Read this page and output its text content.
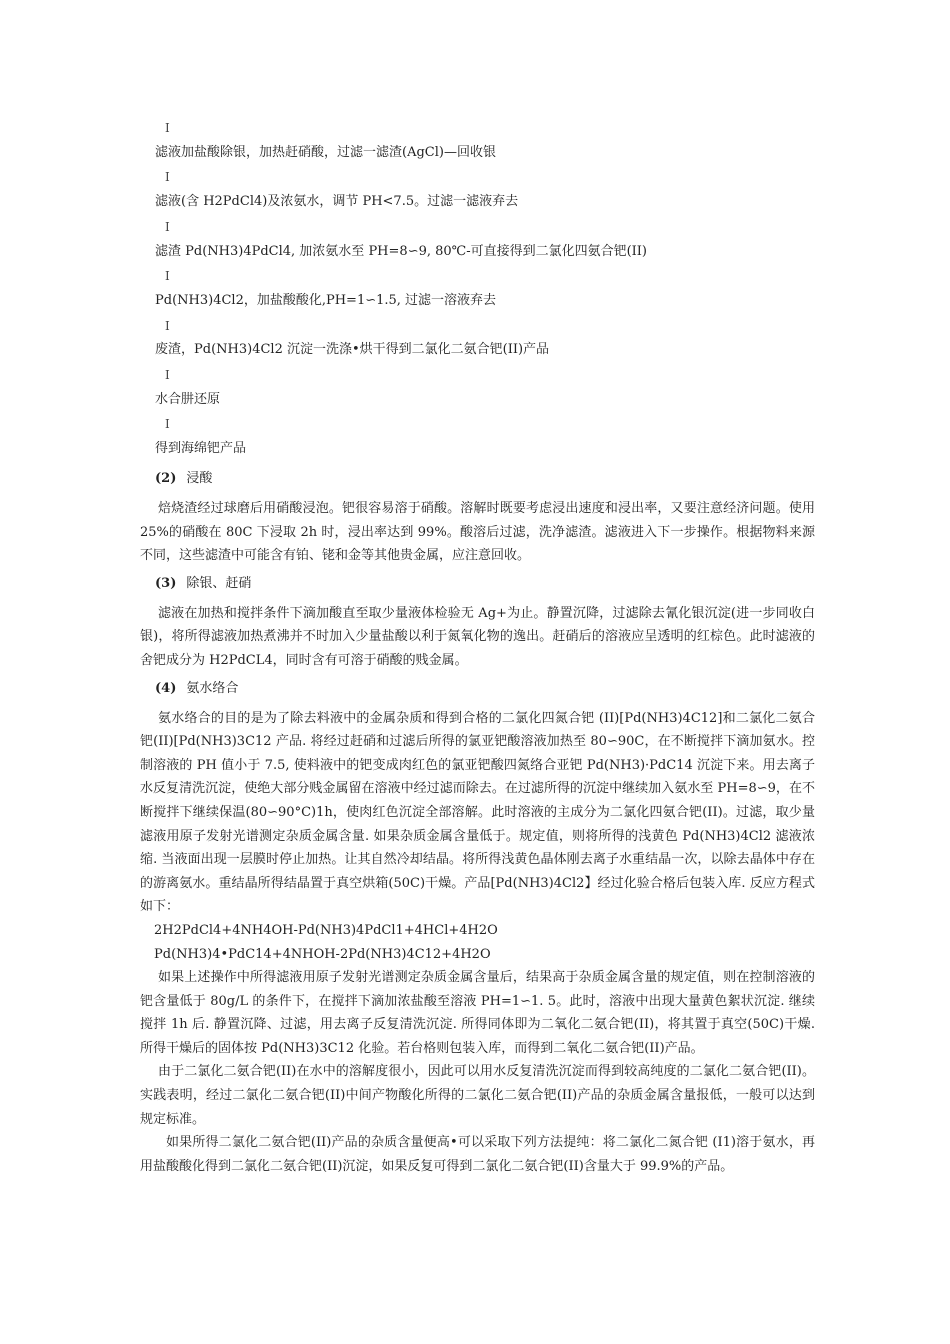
I
滤液加盐酸除银，加热赶硝酸，过滤一滤渣(AgCl)—回收银
I
滤液(含 H2PdCl4)及浓氨水，调节 PH<7.5。过滤一滤液弃去
I
滤渣 Pd(NH3)4PdCl4, 加浓氨水至 PH=8∽9, 80℃-可直接得到二氯化四氨合钯(II)
I
Pd(NH3)4Cl2，加盐酸酸化,PH=1∽1.5, 过滤一溶液弃去
I
废渣，Pd(NH3)4Cl2 沉淀一洗涤•烘干得到二氯化二氨合钯(II)产品
I
水合肼还原
I
得到海绵钯产品
(2) 浸酸

焙烧渣经过球磨后用硝酸浸泡。钯很容易溶于硝酸。溶解时既要考虑浸出速度和浸出率，又要注意经济问题。使用 25%的硝酸在 80C 下浸取 2h 时，浸出率达到 99%。酸溶后过滤，洗净滤渣。滤液进入下一步操作。根据物料来源不同，这些滤渣中可能含有铂、铑和金等其他贵金属，应注意回收。

(3) 除银、赶硝

滤液在加热和搅拌条件下滴加酸直至取少量液体检验无 Ag+为止。静置沉降，过滤除去氰化银沉淀(进一步同收白银)，将所得滤液加热煮沸并不时加入少量盐酸以利于氮氧化物的逸出。赶硝后的溶液应呈透明的红棕色。此时滤液的舍钯成分为 H2PdCL4，同时含有可溶于硝酸的贱金属。

(4) 氨水络合

氨水络合的目的是为了除去料液中的金属杂质和得到合格的二氯化四氮合钯 (II)[Pd(NH3)4C12]和二氯化二氨合钯(II)[Pd(NH3)3C12 产品. 将经过赶硝和过滤后所得的氯亚钯酸溶液加热至 80∽90C，在不断搅拌下滴加氨水。控制溶液的 PH 值小于 7.5, 使料液中的钯变成肉红色的氯亚钯酸四氮络合亚钯 Pd(NH3)·PdC14 沉淀下来。用去离子水反复清洗沉淀，使绝大部分贱金属留在溶液中经过滤而除去。在过滤所得的沉淀中继续加入氨水至 PH=8∽9，在不断搅拌下继续保温(80∽90°C)1h，使肉红色沉淀全部溶解。此时溶液的主成分为二氯化四氨合钯(II)。过滤，取少量滤液用原子发射光谱测定杂质金属含量. 如果杂质金属含量低于。规定值，则将所得的浅黄色 Pd(NH3)4Cl2 滤液浓缩. 当液面出现一层膜时停止加热。让其自然冷却结晶。将所得浅黄色晶体刚去离子水重结晶一次，以除去晶体中存在的游离氨水。重结晶所得结晶置于真空烘箱(50C)干燥。产品[Pd(NH3)4Cl2】经过化验合格后包装入库. 反应方程式如下：

2H2PdCl4+4NH4OH-Pd(NH3)4PdCl1+4HCl+4H2O
Pd(NH3)4•PdC14+4NHOH-2Pd(NH3)4C12+4H2O

如果上述操作中所得滤液用原子发射光谱测定杂质金属含量后，结果高于杂质金属含量的规定值，则在控制溶液的钯含量低于 80g/L 的条件下，在搅拌下滴加浓盐酸至溶液 PH=1∽1. 5。此时，溶液中出现大量黄色絮状沉淀. 继续搅拌 1h 后. 静置沉降、过滤，用去离子反复清洗沉淀. 所得同体即为二氧化二氨合钯(II)，将其置于真空(50C)干燥. 所得干燥后的固体按 Pd(NH3)3C12 化验。若台格则包装入库，而得到二氧化二氨合钯(II)产品。

由于二氯化二氨合钯(II)在水中的溶解度很小，因此可以用水反复清洗沉淀而得到较高纯度的二氯化二氨合钯(II)。实践表明，经过二氯化二氨合钯(II)中间产物酸化所得的二氯化二氨合钯(II)产品的杂质金属含量报低，一般可以达到规定标准。

如果所得二氯化二氨合钯(II)产品的杂质含量便高•可以采取下列方法提纯：将二氯化二氮合钯 (I1)溶于氨水，再用盐酸酸化得到二氯化二氨合钯(II)沉淀，如果反复可得到二氯化二氨合钯(II)含量大于 99.9%的产品。
